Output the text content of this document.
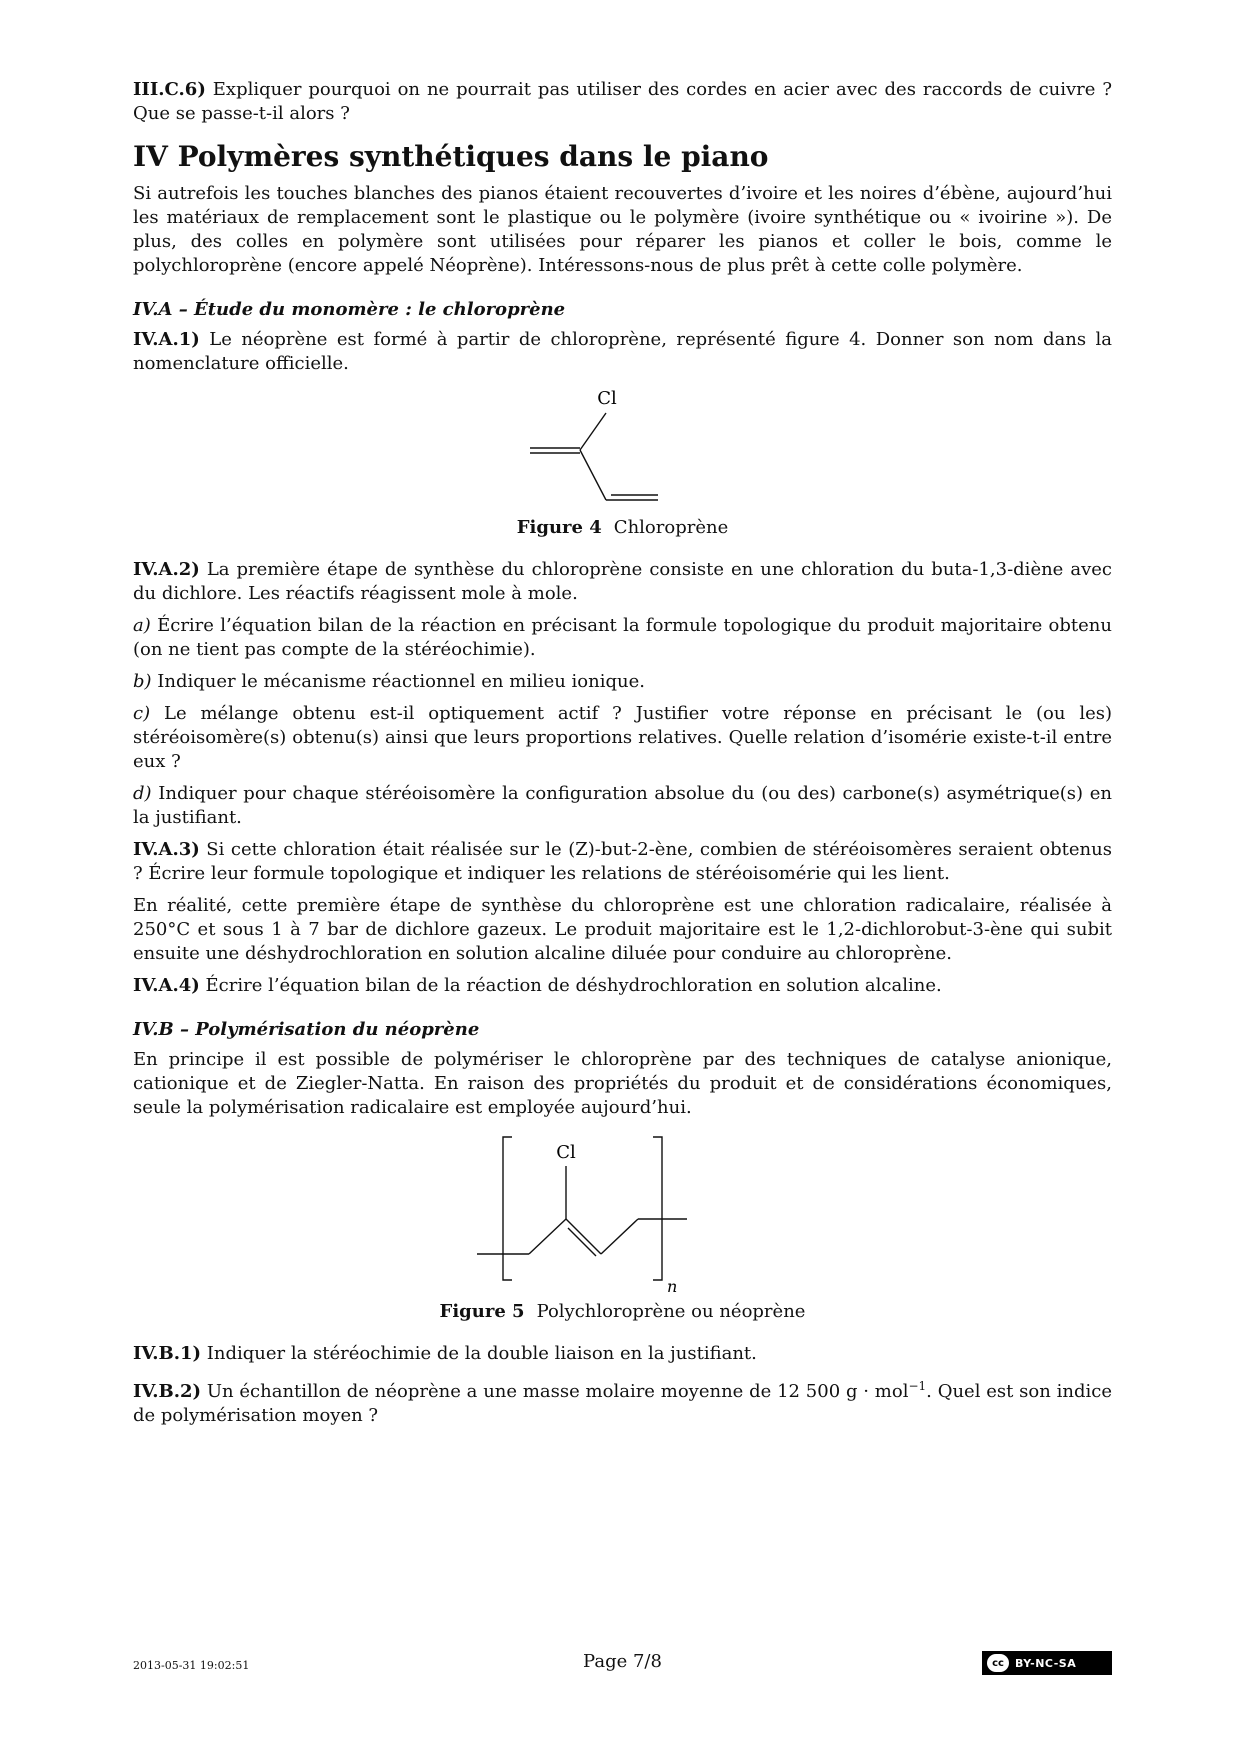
III.C.6) Expliquer pourquoi on ne pourrait pas utiliser des cordes en acier avec des raccords de cuivre ? Que se passe-t-il alors ?

IV Polymères synthétiques dans le piano

Si autrefois les touches blanches des pianos étaient recouvertes d’ivoire et les noires d’ébène, aujourd’hui les matériaux de remplacement sont le plastique ou le polymère (ivoire synthétique ou « ivoirine »). De plus, des colles en polymère sont utilisées pour réparer les pianos et coller le bois, comme le polychloroprène (encore appelé Néoprène). Intéressons-nous de plus prêt à cette colle polymère.

IV.A – Étude du monomère : le chloroprène

IV.A.1) Le néoprène est formé à partir de chloroprène, représenté figure 4. Donner son nom dans la nomenclature officielle.

Cl
Figure 4 Chloroprène

IV.A.2) La première étape de synthèse du chloroprène consiste en une chloration du buta-1,3-diène avec du dichlore. Les réactifs réagissent mole à mole.

a) Écrire l’équation bilan de la réaction en précisant la formule topologique du produit majoritaire obtenu (on ne tient pas compte de la stéréochimie).

b) Indiquer le mécanisme réactionnel en milieu ionique.

c) Le mélange obtenu est-il optiquement actif ? Justifier votre réponse en précisant le (ou les) stéréoisomère(s) obtenu(s) ainsi que leurs proportions relatives. Quelle relation d’isomérie existe-t-il entre eux ?

d) Indiquer pour chaque stéréoisomère la configuration absolue du (ou des) carbone(s) asymétrique(s) en la justifiant.

IV.A.3) Si cette chloration était réalisée sur le (Z)-but-2-ène, combien de stéréoisomères seraient obtenus ? Écrire leur formule topologique et indiquer les relations de stéréoisomérie qui les lient.

En réalité, cette première étape de synthèse du chloroprène est une chloration radicalaire, réalisée à 250°C et sous 1 à 7 bar de dichlore gazeux. Le produit majoritaire est le 1,2-dichlorobut-3-ène qui subit ensuite une déshydrochloration en solution alcaline diluée pour conduire au chloroprène.

IV.A.4) Écrire l’équation bilan de la réaction de déshydrochloration en solution alcaline.

IV.B – Polymérisation du néoprène

En principe il est possible de polymériser le chloroprène par des techniques de catalyse anionique, cationique et de Ziegler-Natta. En raison des propriétés du produit et de considérations économiques, seule la polymérisation radicalaire est employée aujourd’hui.

Cl
n
Figure 5 Polychloroprène ou néoprène

IV.B.1) Indiquer la stéréochimie de la double liaison en la justifiant.

IV.B.2) Un échantillon de néoprène a une masse molaire moyenne de 12 500 g · mol$^{-1}$. Quel est son indice de polymérisation moyen ?

2013-05-31 19:02:51	Page 7/8	cc	BY-NC-SA
